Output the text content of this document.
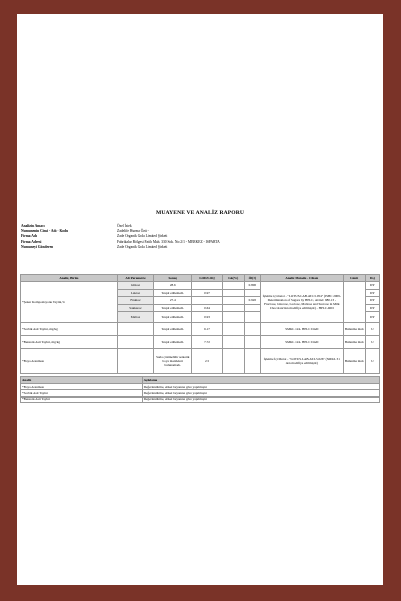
MUAYENE VE ANALİZ RAPORU
Analizin Amacı	Özel İstek
Numunenin Cinsi - Adı - Kodu	Zadelife Hurma Özü -
Firma Adı	Zade Organik Gıda Limited Şirketi
Firma Adresi	Fabrikalar Bölgesi Fatih Mah. 330 Sok. No:2/1 - MERKEZ - ISPARTA
Numuneyi Gönderen	Zade Organik Gıda Limited Şirketi
Analiz, Birim	Alt Parametre	Sonuç	LOD/LOQ	Gk(%)	Öl(±)	Analiz Metodu - Cihazı	Limit	Dsj
*Şeker Kompozisyonu Tayini,%	Glikoz	28.6			0.800	İşletme içi metot - "LOTUS.LAB.AT.L5.054" (ISBC 2009-Determination of Sugars by HPLC, AOAC 980.13 - Fructose, Glucose, Lactose, Maltose and Sucrose in Milk Chocolate'dan modifiye edilmiştir) - HPLC-RID		DY
	Laktoz	Tespit edilemedi.	0.97					DY
	Fruktoz	27.4			0.920			DY
	Sakkaroz	Tespit edilemedi.	0.64					DY
	Maltoz	Tespit edilemedi.	0.93					DY
*Sorbik Asit Tayini, mg/kg		Tespit edilemedi.	6.17			SMKL 124- HPLC DAD	Bulunma malı	U
*Benzoik Asit Tayini, mg/kg		Tespit edilemedi.	7.72			SMKL 124- HPLC DAD	Bulunma malı	U
*Boya Aranması		Suda çözünebilir sentetik boya maddeleri bulunamadı.	2.5			İşletme İçi Metot - "LOTUS.LAB.AT.L5.026" (SMKL 31 den modifiye edilmiştir)	Bulunma malı	U
Analiz	Açıklama
*Boya Aranması	Değerlendirme, etiket beyanına göre yapılmıştır
*Sorbik Asit Tayini	Değerlendirme, etiket beyanına göre yapılmıştır
*Benzoik Asit Tayini	Değerlendirme, etiket beyanına göre yapılmıştır
